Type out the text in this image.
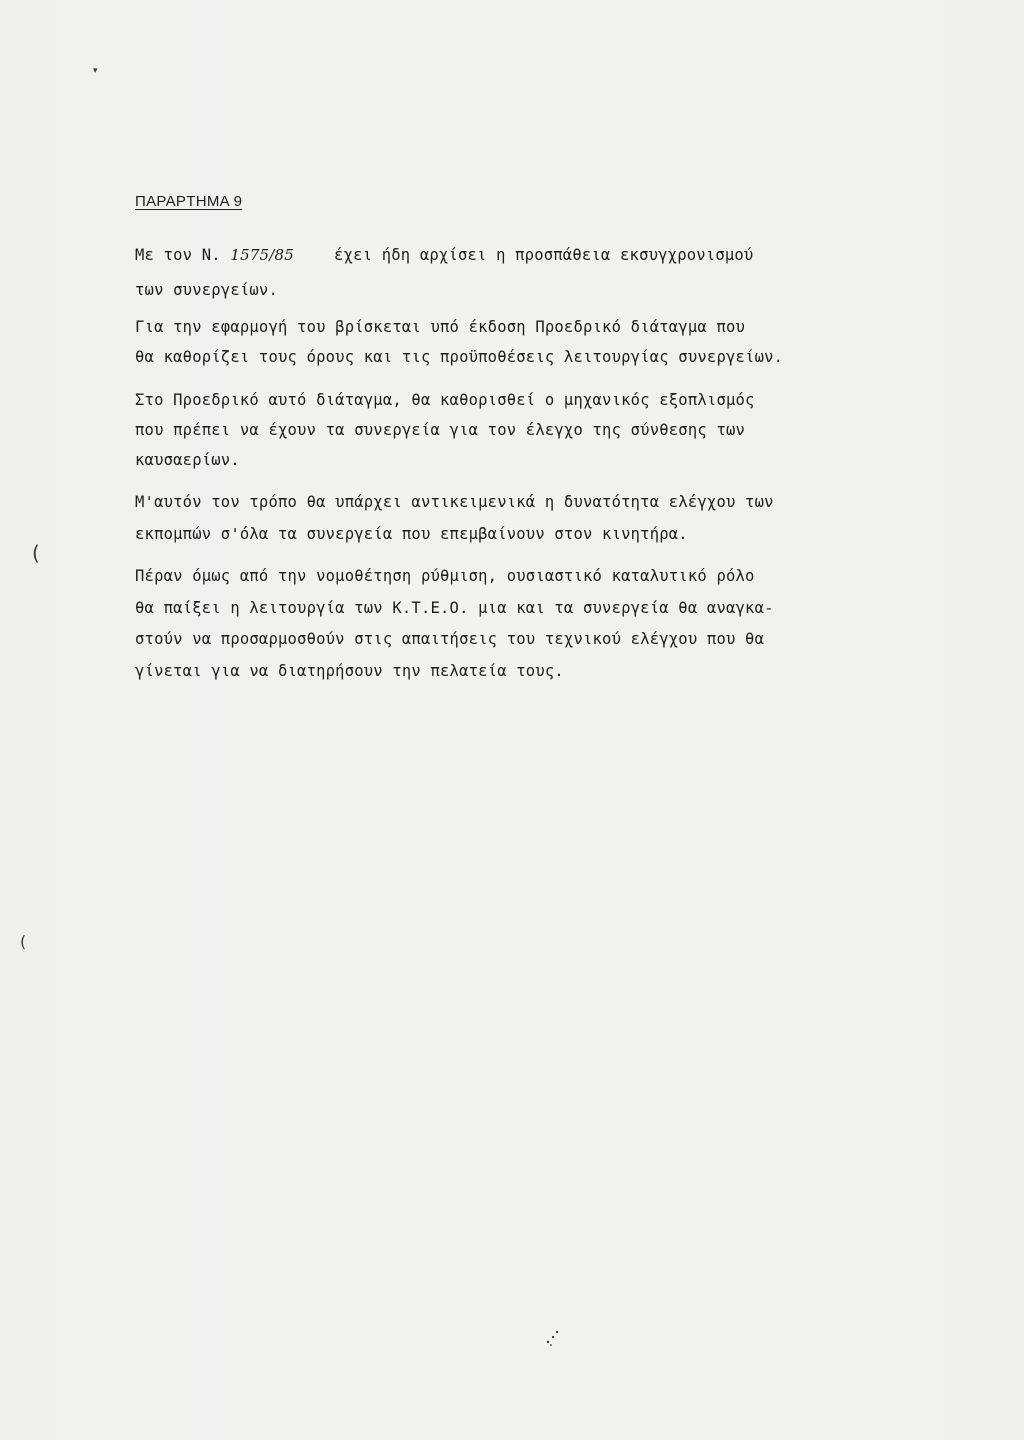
▾
ΠΑΡΑΡΤΗΜΑ 9
Με τον Ν. 1575/85	έχει ήδη αρχίσει η προσπάθεια εκσυγχρονισμού
των συνεργείων.
Για την εφαρμογή του βρίσκεται υπό έκδοση Προεδρικό διάταγμα που
θα καθορίζει τους όρους και τις προϋποθέσεις λειτουργίας συνεργείων.
Στο Προεδρικό αυτό διάταγμα, θα καθορισθεί ο μηχανικός εξοπλισμός
που πρέπει να έχουν τα συνεργεία για τον έλεγχο της σύνθεσης των
καυσαερίων.
Μ'αυτόν τον τρόπο θα υπάρχει αντικειμενικά η δυνατότητα ελέγχου των
εκπομπών σ'όλα τα συνεργεία που επεμβαίνουν στον κινητήρα.
(
Πέραν όμως από την νομοθέτηση ρύθμιση, ουσιαστικό καταλυτικό ρόλο
θα παίξει η λειτουργία των Κ.Τ.Ε.Ο. μια και τα συνεργεία θα αναγκα-
στούν να προσαρμοσθούν στις απαιτήσεις του τεχνικού ελέγχου που θα
γίνεται για να διατηρήσουν την πελατεία τους.
(
